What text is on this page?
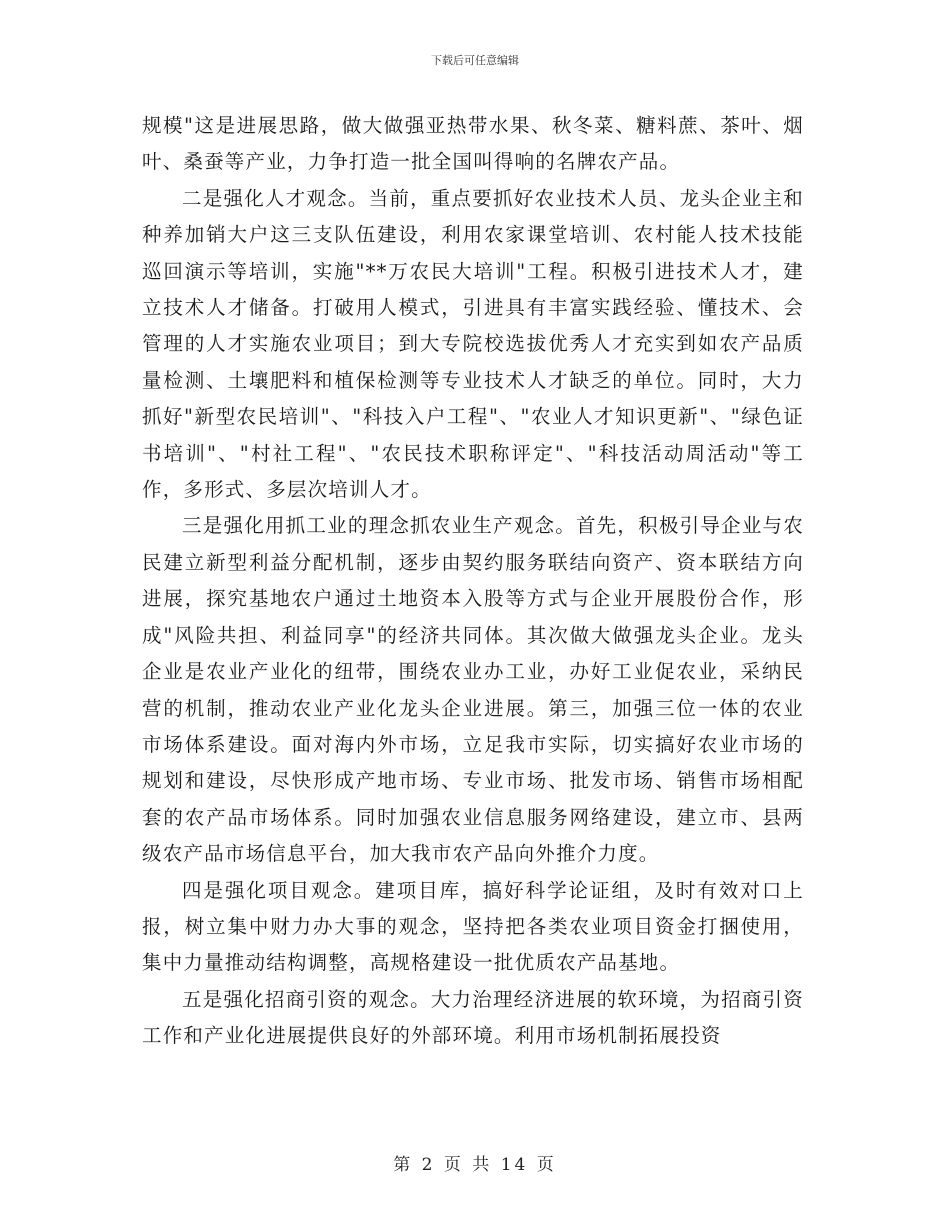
下载后可任意编辑

规模"这是进展思路，做大做强亚热带水果、秋冬菜、糖料蔗、茶叶、烟叶、桑蚕等产业，力争打造一批全国叫得响的名牌农产品。

二是强化人才观念。当前，重点要抓好农业技术人员、龙头企业主和种养加销大户这三支队伍建设，利用农家课堂培训、农村能人技术技能巡回演示等培训，实施"**万农民大培训"工程。积极引进技术人才，建立技术人才储备。打破用人模式，引进具有丰富实践经验、懂技术、会管理的人才实施农业项目；到大专院校选拔优秀人才充实到如农产品质量检测、土壤肥料和植保检测等专业技术人才缺乏的单位。同时，大力抓好"新型农民培训"、"科技入户工程"、"农业人才知识更新"、"绿色证书培训"、"村社工程"、"农民技术职称评定"、"科技活动周活动"等工作，多形式、多层次培训人才。

三是强化用抓工业的理念抓农业生产观念。首先，积极引导企业与农民建立新型利益分配机制，逐步由契约服务联结向资产、资本联结方向进展，探究基地农户通过土地资本入股等方式与企业开展股份合作，形成"风险共担、利益同享"的经济共同体。其次做大做强龙头企业。龙头企业是农业产业化的纽带，围绕农业办工业，办好工业促农业，采纳民营的机制，推动农业产业化龙头企业进展。第三，加强三位一体的农业市场体系建设。面对海内外市场，立足我市实际，切实搞好农业市场的规划和建设，尽快形成产地市场、专业市场、批发市场、销售市场相配套的农产品市场体系。同时加强农业信息服务网络建设，建立市、县两级农产品市场信息平台，加大我市农产品向外推介力度。

四是强化项目观念。建项目库，搞好科学论证组，及时有效对口上报，树立集中财力办大事的观念，坚持把各类农业项目资金打捆使用，集中力量推动结构调整，高规格建设一批优质农产品基地。

五是强化招商引资的观念。大力治理经济进展的软环境，为招商引资工作和产业化进展提供良好的外部环境。利用市场机制拓展投资

第 2 页 共 14 页
